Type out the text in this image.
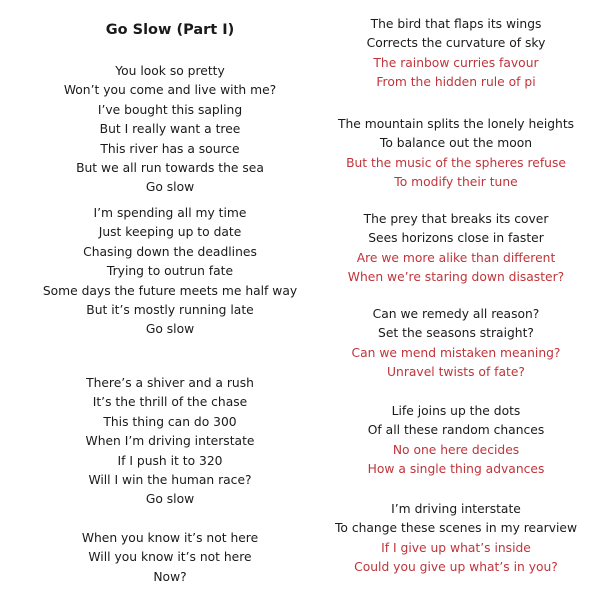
Go Slow (Part I)
You look so pretty
Won’t you come and live with me?
I’ve bought this sapling
But I really want a tree
This river has a source
But we all run towards the sea
Go slow
I’m spending all my time
Just keeping up to date
Chasing down the deadlines
Trying to outrun fate
Some days the future meets me half way
But it’s mostly running late
Go slow
There’s a shiver and a rush
It’s the thrill of the chase
This thing can do 300
When I’m driving interstate
If I push it to 320
Will I win the human race?
Go slow
When you know it’s not here
Will you know it’s not here
Now?
The bird that flaps its wings
Corrects the curvature of sky
The rainbow curries favour
From the hidden rule of pi
The mountain splits the lonely heights
To balance out the moon
But the music of the spheres refuse
To modify their tune
The prey that breaks its cover
Sees horizons close in faster
Are we more alike than different
When we’re staring down disaster?
Can we remedy all reason?
Set the seasons straight?
Can we mend mistaken meaning?
Unravel twists of fate?
Life joins up the dots
Of all these random chances
No one here decides
How a single thing advances
I’m driving interstate
To change these scenes in my rearview
If I give up what’s inside
Could you give up what’s in you?
